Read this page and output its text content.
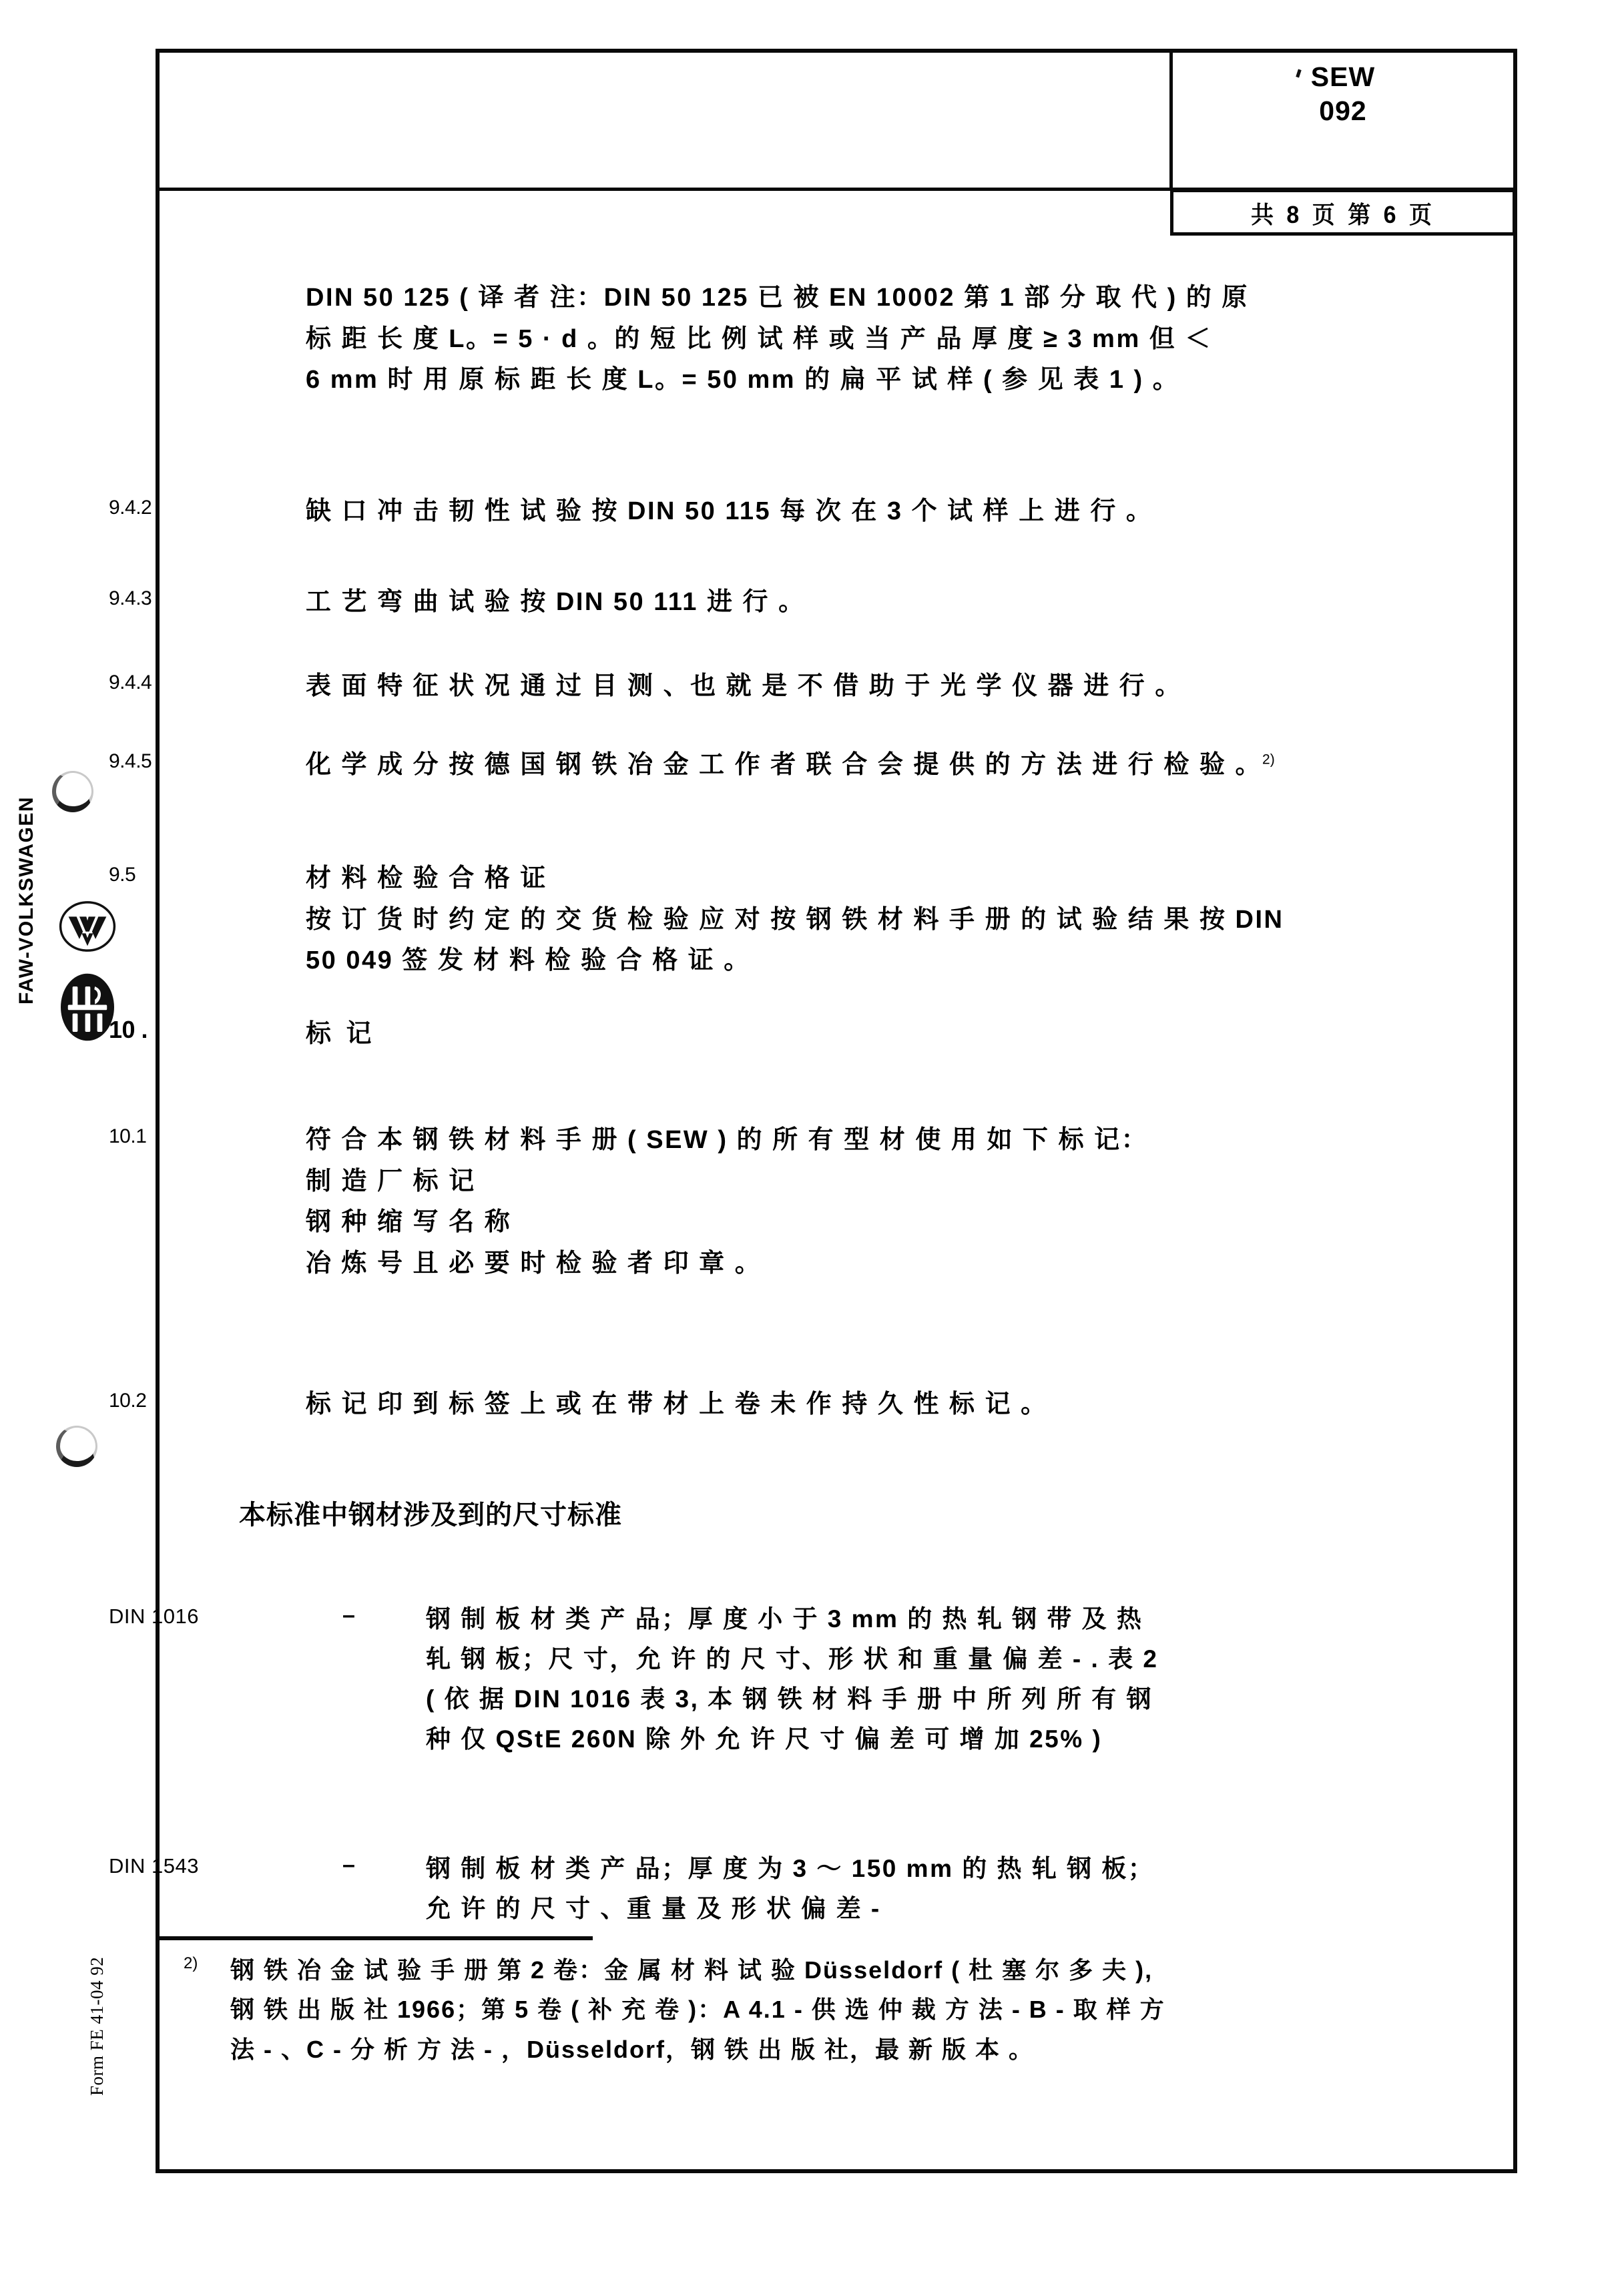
SEW
092
共 8 页 第 6 页
FAW-VOLKSWAGEN
Form FE 41-04 92
DIN 50 125 ( 译 者 注：DIN 50 125 已 被 EN 10002 第 1 部 分 取 代 ) 的 原
标 距 长 度 L。= 5 · d 。的 短 比 例 试 样 或 当 产 品 厚 度 ≥ 3 mm 但 ＜
6 mm 时 用 原 标 距 长 度 L。= 50 mm 的 扁 平 试 样 ( 参 见 表 1 ) 。
9.4.2	缺 口 冲 击 韧 性 试 验 按 DIN 50 115 每 次 在 3 个 试 样 上 进 行 。
9.4.3	工 艺 弯 曲 试 验 按 DIN 50 111 进 行 。
9.4.4	表 面 特 征 状 况 通 过 目 测 、也 就 是 不 借 助 于 光 学 仪 器 进 行 。
9.4.5	化 学 成 分 按 德 国 钢 铁 冶 金 工 作 者 联 合 会 提 供 的 方 法 进 行 检 验 。$^{2)}$
9.5	材 料 检 验 合 格 证
按 订 货 时 约 定 的 交 货 检 验 应 对 按 钢 铁 材 料 手 册 的 试 验 结 果 按 DIN
50 049 签 发 材 料 检 验 合 格 证 。
10 .	标 记
10.1	符 合 本 钢 铁 材 料 手 册 ( SEW ) 的 所 有 型 材 使 用 如 下 标 记：
制 造 厂 标 记
钢 种 缩 写 名 称
冶 炼 号 且 必 要 时 检 验 者 印 章 。
10.2	标 记 印 到 标 签 上 或 在 带 材 上 卷 未 作 持 久 性 标 记 。
本标准中钢材涉及到的尺寸标准
DIN 1016	–	钢 制 板 材 类 产 品；厚 度 小 于 3 mm 的 热 轧 钢 带 及 热
轧 钢 板；尺 寸，允 许 的 尺 寸、形 状 和 重 量 偏 差 - . 表 2
( 依 据 DIN 1016 表 3, 本 钢 铁 材 料 手 册 中 所 列 所 有 钢
种 仅 QStE 260N 除 外 允 许 尺 寸 偏 差 可 增 加 25% )
DIN 1543	–	钢 制 板 材 类 产 品；厚 度 为 3 ～ 150 mm 的 热 轧 钢 板；
允 许 的 尺 寸 、重 量 及 形 状 偏 差 -
2)	钢 铁 冶 金 试 验 手 册 第 2 卷：金 属 材 料 试 验 Düsseldorf ( 杜 塞 尔 多 夫 ),
钢 铁 出 版 社 1966；第 5 卷 ( 补 充 卷 )：A 4.1 - 供 选 仲 裁 方 法 - B - 取 样 方
法 - 、C - 分 析 方 法 - ，Düsseldorf，钢 铁 出 版 社，最 新 版 本 。
